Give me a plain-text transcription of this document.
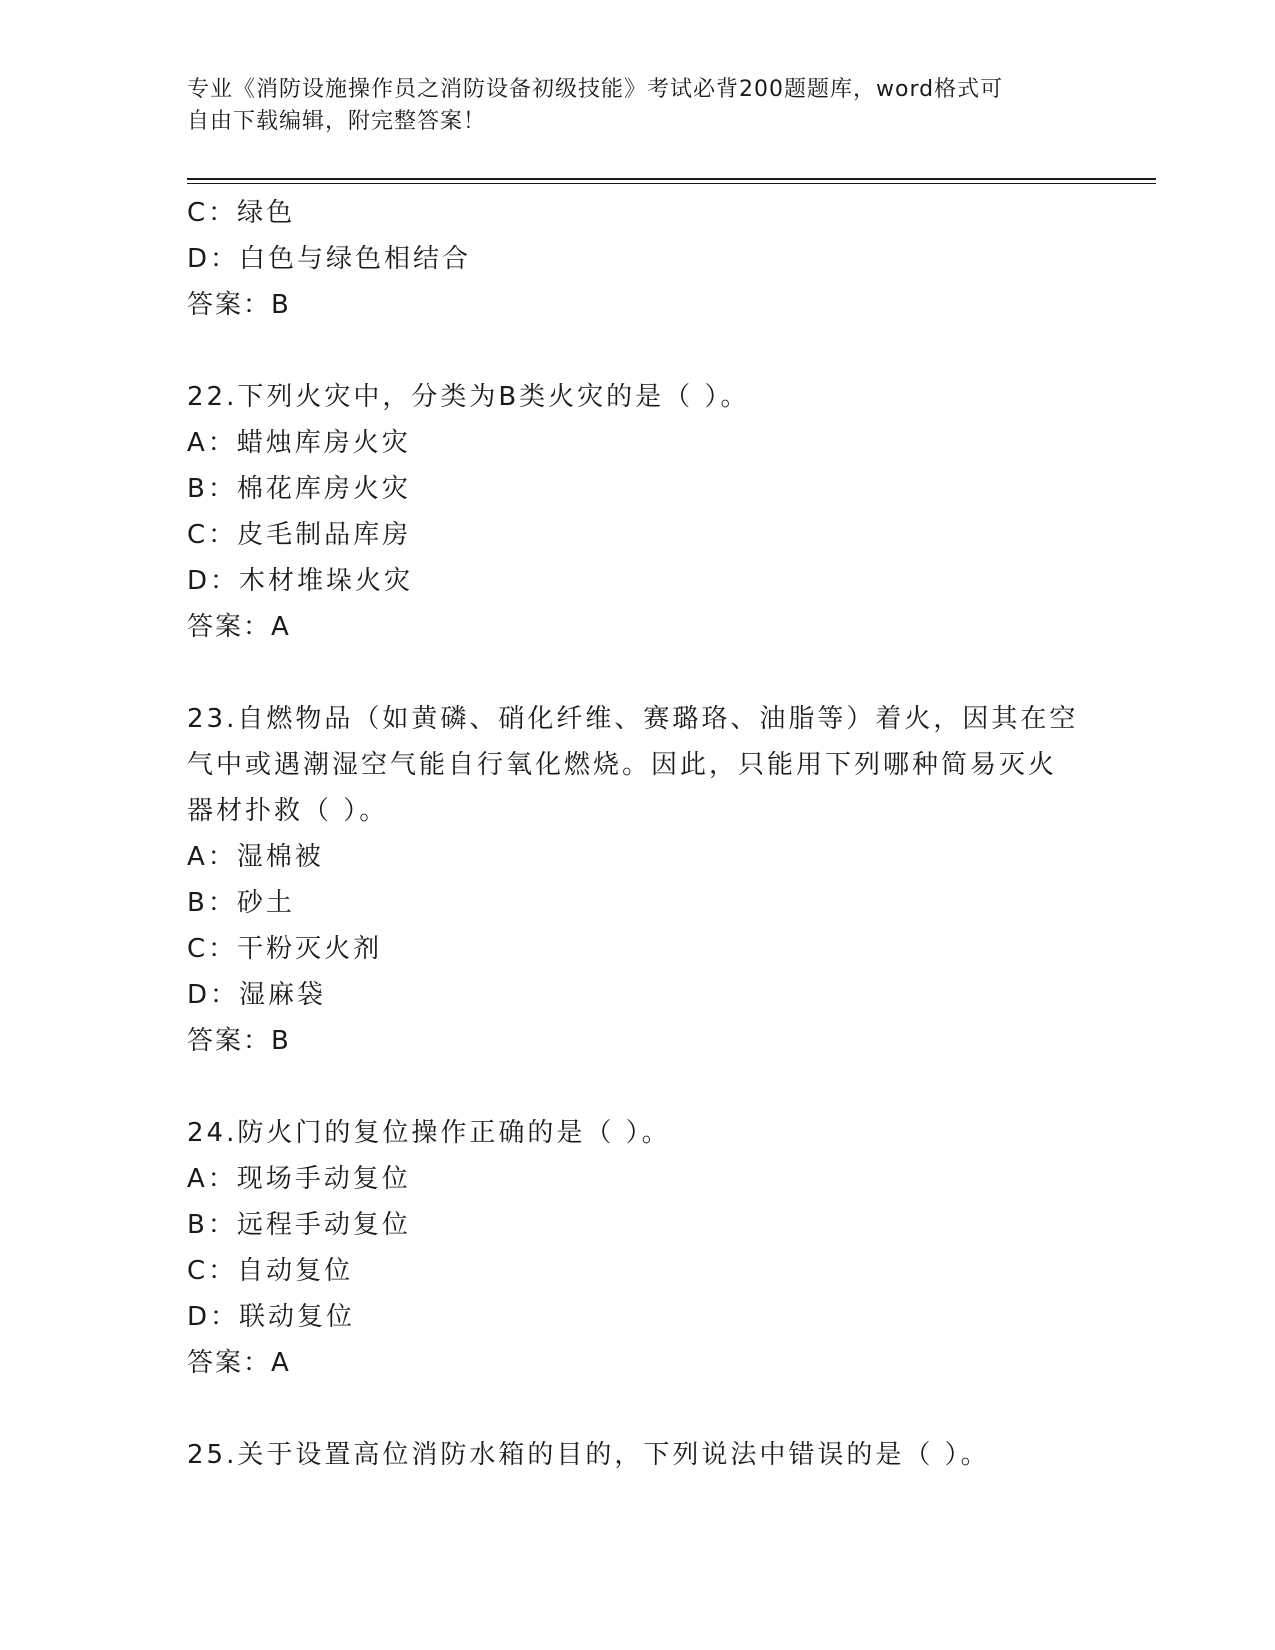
专业《消防设施操作员之消防设备初级技能》考试必背200题题库，word格式可
自由下载编辑，附完整答案！
C：绿色
D：白色与绿色相结合
答案：B
22.下列火灾中，分类为B类火灾的是（ ）。
A：蜡烛库房火灾
B：棉花库房火灾
C：皮毛制品库房
D：木材堆垛火灾
答案：A
23.自燃物品（如黄磷、硝化纤维、赛璐珞、油脂等）着火，因其在空
气中或遇潮湿空气能自行氧化燃烧。因此，只能用下列哪种简易灭火
器材扑救（ ）。
A：湿棉被
B：砂土
C：干粉灭火剂
D：湿麻袋
答案：B
24.防火门的复位操作正确的是（ ）。
A：现场手动复位
B：远程手动复位
C：自动复位
D：联动复位
答案：A
25.关于设置高位消防水箱的目的，下列说法中错误的是（ ）。
